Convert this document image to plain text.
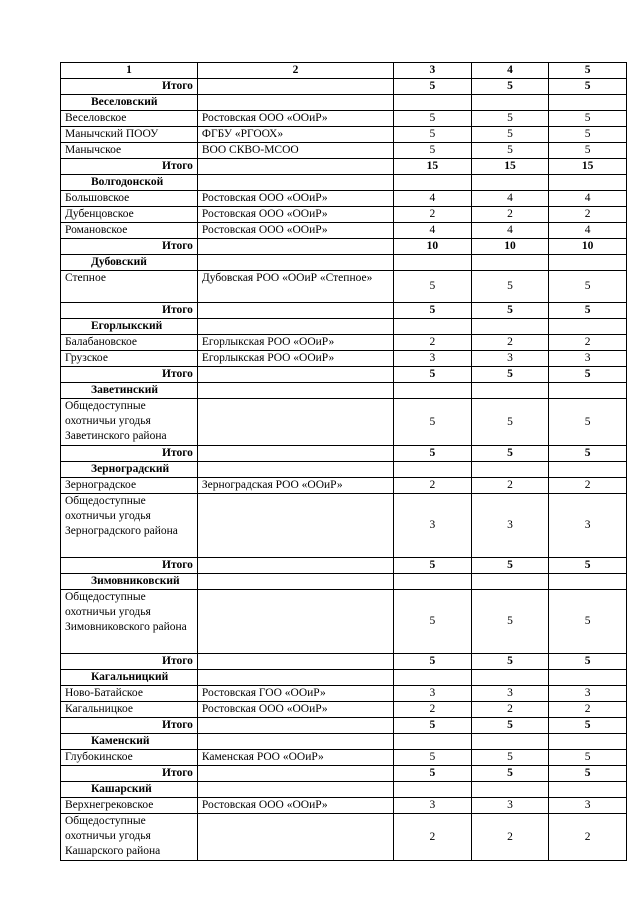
1	2	3	4	5
Итого		5	5	5
Веселовский				
Веселовское	Ростовская ООО «ООиР»	5	5	5
Манычский ПООУ	ФГБУ «РГООХ»	5	5	5
Манычское	ВОО СКВО-МСОО	5	5	5
Итого		15	15	15
Волгодонской				
Большовское	Ростовская ООО «ООиР»	4	4	4
Дубенцовское	Ростовская ООО «ООиР»	2	2	2
Романовское	Ростовская ООО «ООиР»	4	4	4
Итого		10	10	10
Дубовский				
Степное	Дубовская РОО «ООиР «Степное»	5	5	5
Итого		5	5	5
Егорлыкский				
Балабановское	Егорлыкская РОО «ООиР»	2	2	2
Грузское	Егорлыкская РОО «ООиР»	3	3	3
Итого		5	5	5
Заветинский				
Общедоступные охотничьи угодья Заветинского района		5	5	5
Итого		5	5	5
Зерноградский				
Зерноградское	Зерноградская РОО «ООиР»	2	2	2
Общедоступные охотничьи угодья Зерноградского района		3	3	3
Итого		5	5	5
Зимовниковский				
Общедоступные охотничьи угодья Зимовниковского района		5	5	5
Итого		5	5	5
Кагальницкий				
Ново-Батайское	Ростовская ГОО «ООиР»	3	3	3
Кагальницкое	Ростовская ООО «ООиР»	2	2	2
Итого		5	5	5
Каменский				
Глубокинское	Каменская РОО «ООиР»	5	5	5
Итого		5	5	5
Кашарский				
Верхнегрековское	Ростовская ООО «ООиР»	3	3	3
Общедоступные охотничьи угодья Кашарского района		2	2	2
